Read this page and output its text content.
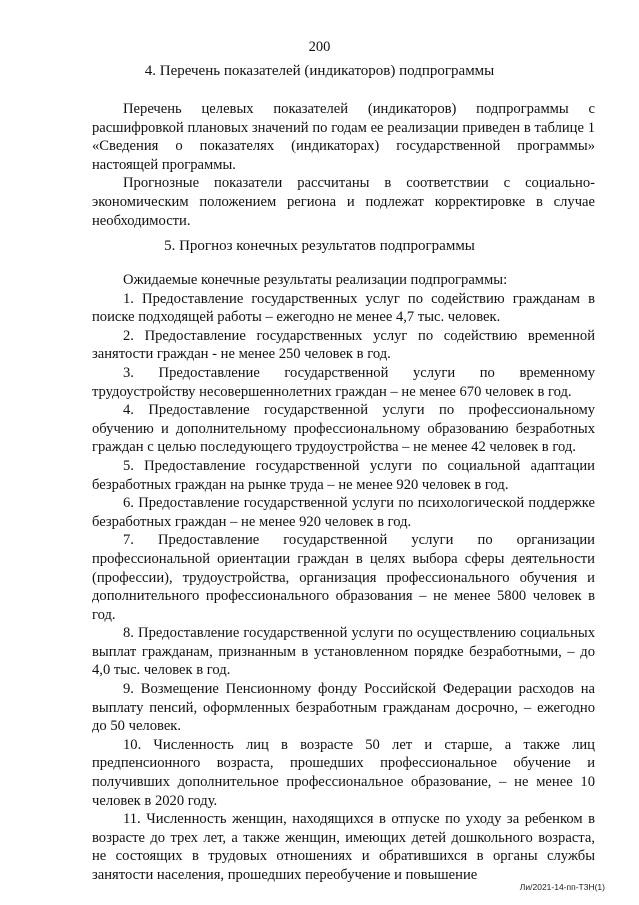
200
4. Перечень показателей (индикаторов) подпрограммы

Перечень целевых показателей (индикаторов) подпрограммы с расшифровкой плановых значений по годам ее реализации приведен в таблице 1 «Сведения о показателях (индикаторах) государственной программы» настоящей программы.

Прогнозные показатели рассчитаны в соответствии с социально-экономическим положением региона и подлежат корректировке в случае необходимости.

5. Прогноз конечных результатов подпрограммы

Ожидаемые конечные результаты реализации подпрограммы:

1. Предоставление государственных услуг по содействию гражданам в поиске подходящей работы – ежегодно не менее 4,7 тыс. человек.

2. Предоставление государственных услуг по содействию временной занятости граждан - не менее 250 человек в год.

3. Предоставление государственной услуги по временному трудоустройству несовершеннолетних граждан – не менее 670 человек в год.

4. Предоставление государственной услуги по профессиональному обучению и дополнительному профессиональному образованию безработных граждан с целью последующего трудоустройства – не менее 42 человек в год.

5. Предоставление государственной услуги по социальной адаптации безработных граждан на рынке труда – не менее 920 человек в год.

6. Предоставление государственной услуги по психологической поддержке безработных граждан – не менее 920 человек в год.

7. Предоставление государственной услуги по организации профессиональной ориентации граждан в целях выбора сферы деятельности (профессии), трудоустройства, организация профессионального обучения и дополнительного профессионального образования – не менее 5800 человек в год.

8. Предоставление государственной услуги по осуществлению социальных выплат гражданам, признанным в установленном порядке безработными, – до 4,0 тыс. человек в год.

9. Возмещение Пенсионному фонду Российской Федерации расходов на выплату пенсий, оформленных безработным гражданам досрочно, – ежегодно до 50 человек.

10. Численность лиц в возрасте 50 лет и старше, а также лиц предпенсионного возраста, прошедших профессиональное обучение и получивших дополнительное профессиональное образование, – не менее 10 человек в 2020 году.

11. Численность женщин, находящихся в отпуске по уходу за ребенком в возрасте до трех лет, а также женщин, имеющих детей дошкольного возраста, не состоящих в трудовых отношениях и обратившихся в органы службы занятости населения, прошедших переобучение и повышение

Ли/2021-14-пп-Т3Н(1)
